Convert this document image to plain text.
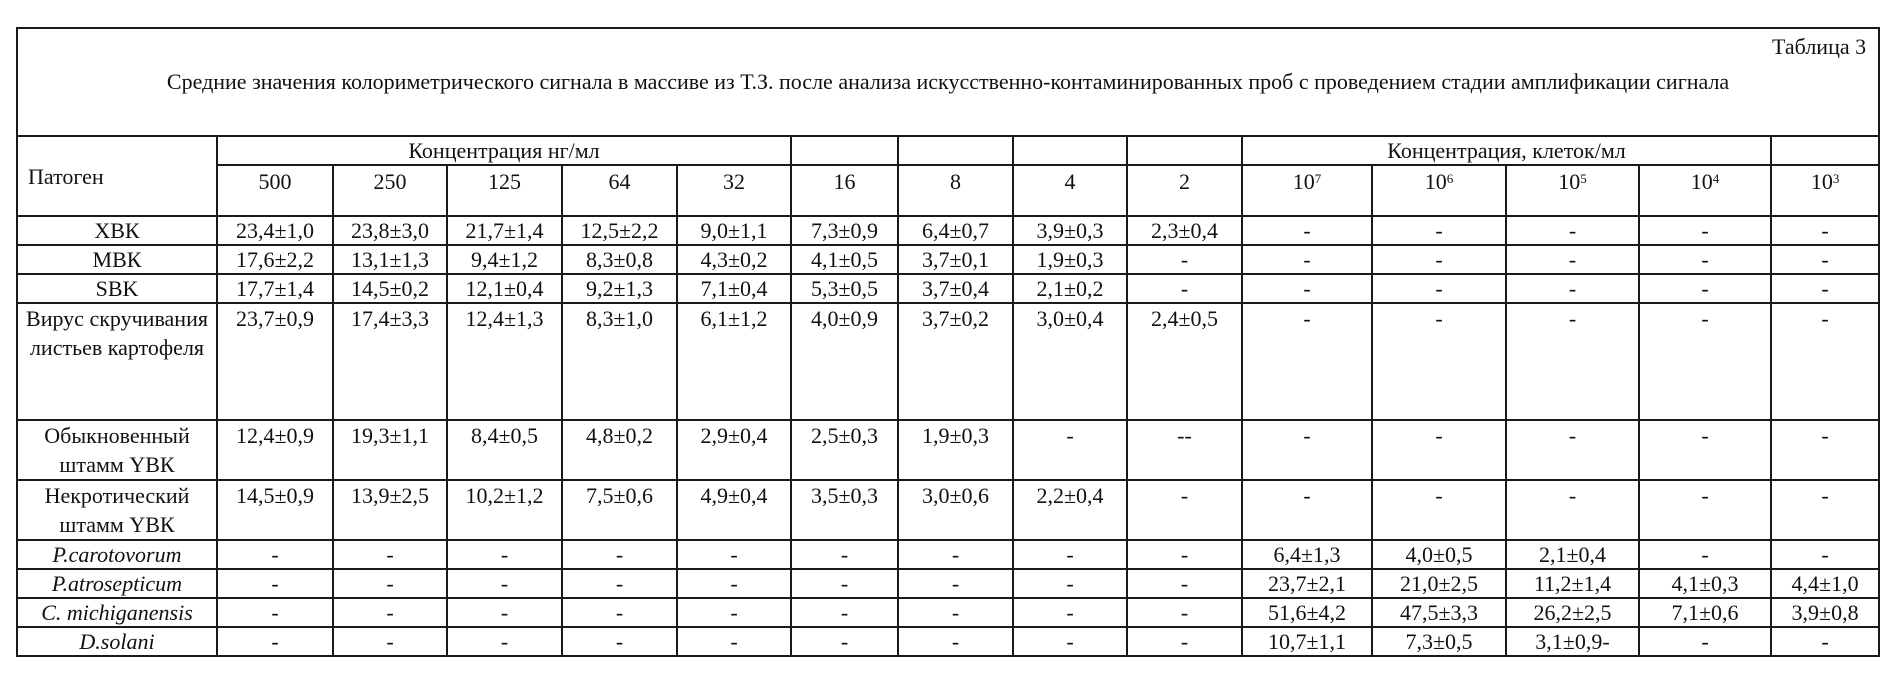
Таблица 3
Средние значения колориметрического сигнала в массиве из Т.З. после анализа искусственно-контаминированных проб с проведением стадии амплификации сигнала														

Патоген	Концентрация нг/мл									Концентрация, клеток/мл				
	500	250	125	64	32	16	8	4	2	$10^7$	$10^6$	$10^5$	$10^4$	$10^3$
ХВК	23,4±1,0	23,8±3,0	21,7±1,4	12,5±2,2	9,0±1,1	7,3±0,9	6,4±0,7	3,9±0,3	2,3±0,4	-	-	-	-	-
МВК	17,6±2,2	13,1±1,3	9,4±1,2	8,3±0,8	4,3±0,2	4,1±0,5	3,7±0,1	1,9±0,3	-	-	-	-	-	-
SBK	17,7±1,4	14,5±0,2	12,1±0,4	9,2±1,3	7,1±0,4	5,3±0,5	3,7±0,4	2,1±0,2	-	-	-	-	-	-
Вирус скручивания листьев картофеля	23,7±0,9	17,4±3,3	12,4±1,3	8,3±1,0	6,1±1,2	4,0±0,9	3,7±0,2	3,0±0,4	2,4±0,5	-	-	-	-	-
Обыкновенный штамм YВК	12,4±0,9	19,3±1,1	8,4±0,5	4,8±0,2	2,9±0,4	2,5±0,3	1,9±0,3	-	--	-	-	-	-	-
Некротический штамм YВК	14,5±0,9	13,9±2,5	10,2±1,2	7,5±0,6	4,9±0,4	3,5±0,3	3,0±0,6	2,2±0,4	-	-	-	-	-	-
P.carotovorum	-	-	-	-	-	-	-	-	-	6,4±1,3	4,0±0,5	2,1±0,4	-	-
P.atrosepticum	-	-	-	-	-	-	-	-	-	23,7±2,1	21,0±2,5	11,2±1,4	4,1±0,3	4,4±1,0
C. michiganensis	-	-	-	-	-	-	-	-	-	51,6±4,2	47,5±3,3	26,2±2,5	7,1±0,6	3,9±0,8
D.solani	-	-	-	-	-	-	-	-	-	10,7±1,1	7,3±0,5	3,1±0,9-	-	-
